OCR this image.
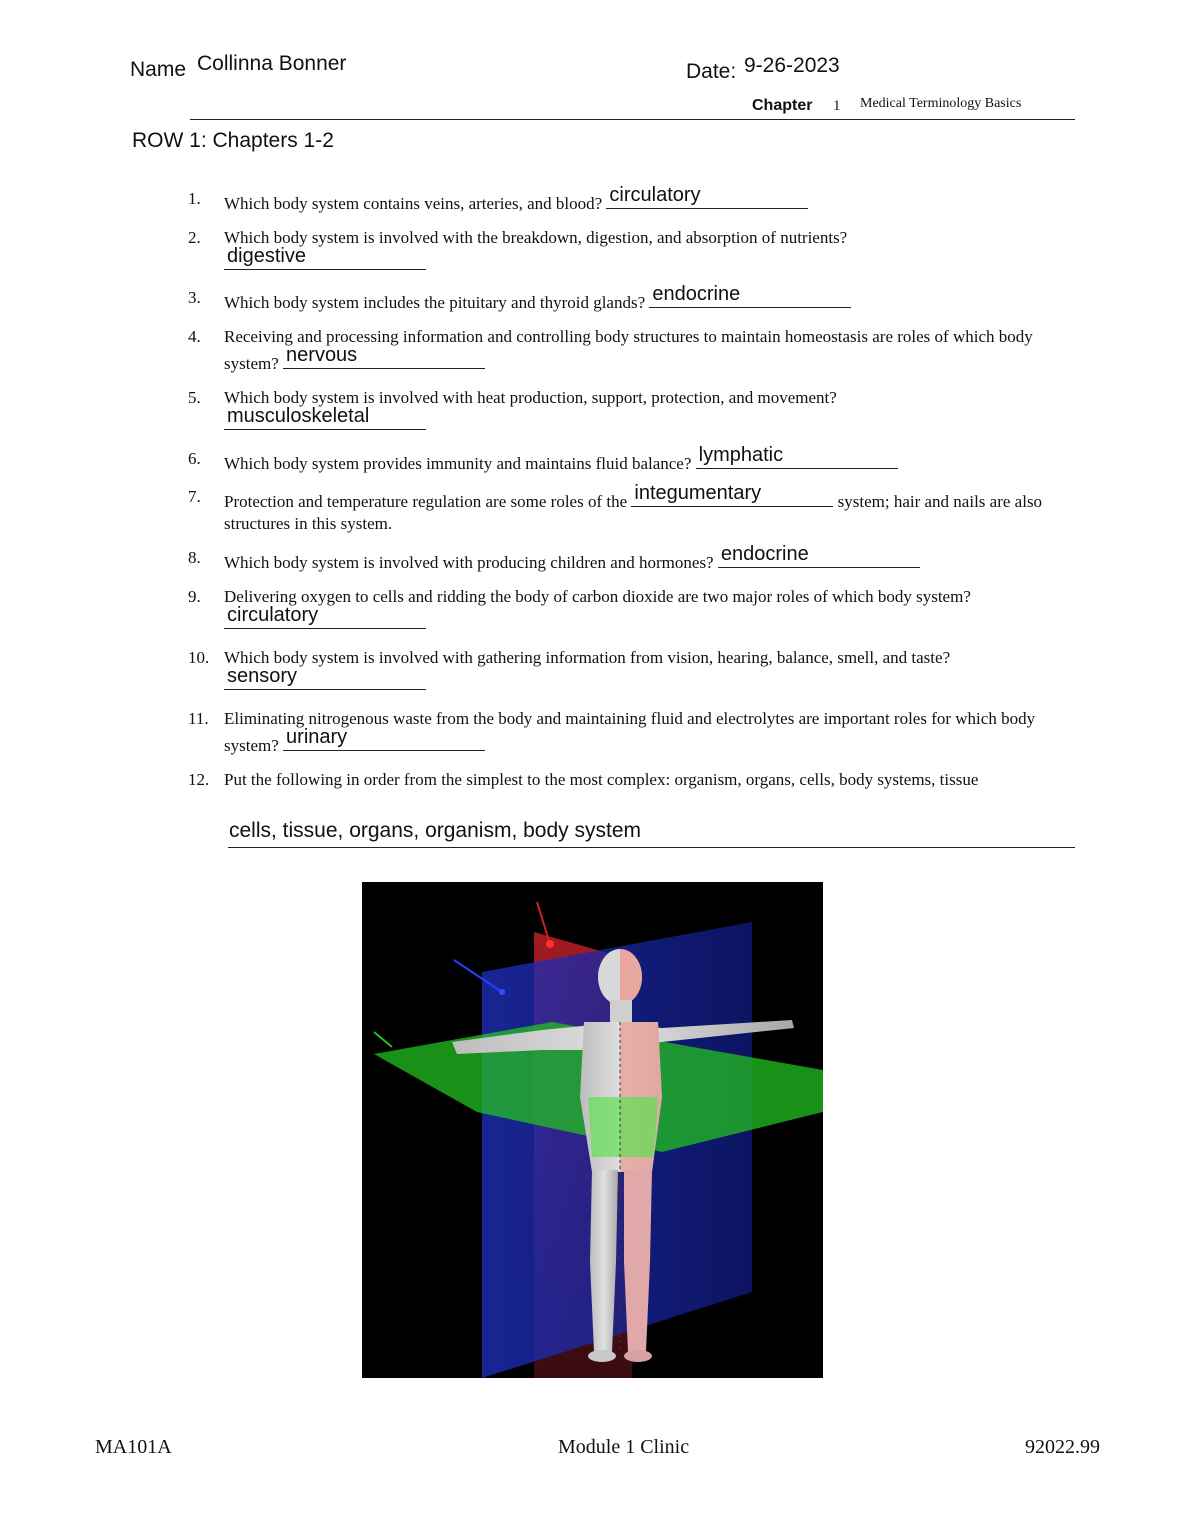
Name Collinna Bonner	Date: 9-26-2023
Chapter 1 Medical Terminology Basics
ROW 1: Chapters 1-2
1.	Which body system contains veins, arteries, and blood? circulatory
2.	Which body system is involved with the breakdown, digestion, and absorption of nutrients?

digestive
3.	Which body system includes the pituitary and thyroid glands? endocrine
4.	Receiving and processing information and controlling body structures to maintain homeostasis are roles of which body system? nervous
5.	Which body system is involved with heat production, support, protection, and movement?

musculoskeletal
6.	Which body system provides immunity and maintains fluid balance? lymphatic
7.	Protection and temperature regulation are some roles of the integumentary	system; hair and nails are also structures in this system.
8.	Which body system is involved with producing children and hormones? endocrine
9.	Delivering oxygen to cells and ridding the body of carbon dioxide are two major roles of which body system?
circulatory
10. Which body system is involved with gathering information from vision, hearing, balance, smell, and taste?
sensory
11. Eliminating nitrogenous waste from the body and maintaining fluid and electrolytes are important roles for which body system? urinary
12. Put the following in order from the simplest to the most complex: organism, organs, cells, body systems, tissue
cells, tissue, organs, organism, body system
MA101A	Module 1 Clinic	92022.99
